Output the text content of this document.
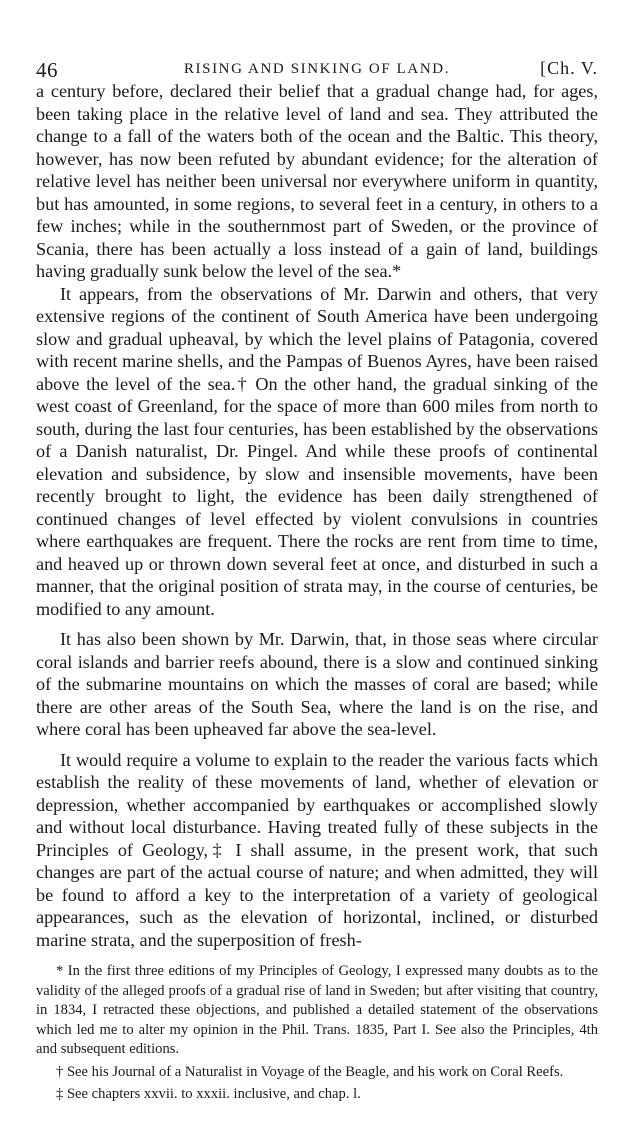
46	RISING AND SINKING OF LAND.	[Ch. V.

a century before, declared their belief that a gradual change had, for ages, been taking place in the relative level of land and sea. They attributed the change to a fall of the waters both of the ocean and the Baltic. This theory, however, has now been refuted by abundant evidence; for the alteration of relative level has neither been universal nor everywhere uniform in quantity, but has amounted, in some regions, to several feet in a century, in others to a few inches; while in the southernmost part of Sweden, or the province of Scania, there has been actually a loss instead of a gain of land, buildings having gradually sunk below the level of the sea.*

It appears, from the observations of Mr. Darwin and others, that very extensive regions of the continent of South America have been undergoing slow and gradual upheaval, by which the level plains of Patagonia, covered with recent marine shells, and the Pampas of Buenos Ayres, have been raised above the level of the sea.† On the other hand, the gradual sinking of the west coast of Greenland, for the space of more than 600 miles from north to south, during the last four centuries, has been established by the observations of a Danish naturalist, Dr. Pingel. And while these proofs of continental elevation and subsidence, by slow and insensible movements, have been recently brought to light, the evidence has been daily strengthened of continued changes of level effected by violent convulsions in countries where earthquakes are frequent. There the rocks are rent from time to time, and heaved up or thrown down several feet at once, and disturbed in such a manner, that the original position of strata may, in the course of centuries, be modified to any amount.

It has also been shown by Mr. Darwin, that, in those seas where circular coral islands and barrier reefs abound, there is a slow and continued sinking of the submarine mountains on which the masses of coral are based; while there are other areas of the South Sea, where the land is on the rise, and where coral has been upheaved far above the sea-level.

It would require a volume to explain to the reader the various facts which establish the reality of these movements of land, whether of elevation or depression, whether accompanied by earthquakes or accomplished slowly and without local disturbance. Having treated fully of these subjects in the Principles of Geology,‡ I shall assume, in the present work, that such changes are part of the actual course of nature; and when admitted, they will be found to afford a key to the interpretation of a variety of geological appearances, such as the elevation of horizontal, inclined, or disturbed marine strata, and the superposition of fresh-

* In the first three editions of my Principles of Geology, I expressed many doubts as to the validity of the alleged proofs of a gradual rise of land in Sweden; but after visiting that country, in 1834, I retracted these objections, and published a detailed statement of the observations which led me to alter my opinion in the Phil. Trans. 1835, Part I. See also the Principles, 4th and subsequent editions.

† See his Journal of a Naturalist in Voyage of the Beagle, and his work on Coral Reefs.

‡ See chapters xxvii. to xxxii. inclusive, and chap. l.
